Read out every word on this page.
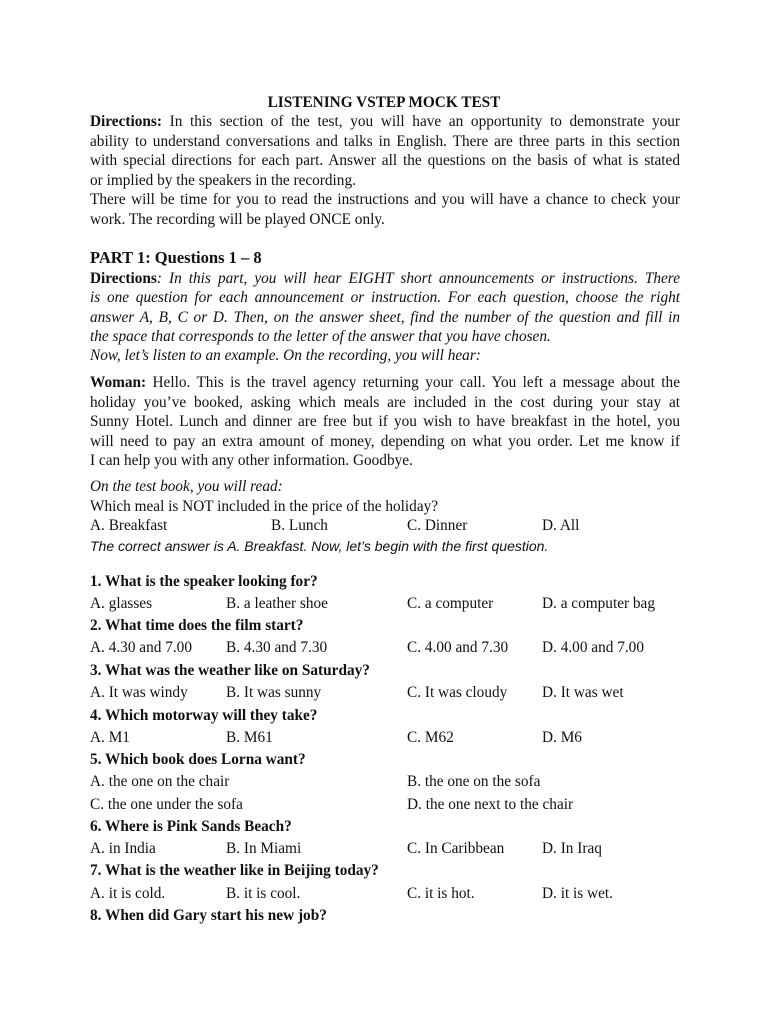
LISTENING VSTEP MOCK TEST
Directions: In this section of the test, you will have an opportunity to demonstrate your
ability to understand conversations and talks in English. There are three parts in this section
with special directions for each part. Answer all the questions on the basis of what is stated
or implied by the speakers in the recording.
There will be time for you to read the instructions and you will have a chance to check your
work. The recording will be played ONCE only.
PART 1: Questions 1 – 8
Directions: In this part, you will hear EIGHT short announcements or instructions. There
is one question for each announcement or instruction. For each question, choose the right
answer A, B, C or D. Then, on the answer sheet, find the number of the question and fill in
the space that corresponds to the letter of the answer that you have chosen.
Now, let’s listen to an example. On the recording, you will hear:
Woman: Hello. This is the travel agency returning your call. You left a message about the
holiday you’ve booked, asking which meals are included in the cost during your stay at
Sunny Hotel. Lunch and dinner are free but if you wish to have breakfast in the hotel, you
will need to pay an extra amount of money, depending on what you order. Let me know if
I can help you with any other information. Goodbye.
On the test book, you will read:
Which meal is NOT included in the price of the holiday?
A. Breakfast	B. Lunch	C. Dinner	D. All
The correct answer is A. Breakfast. Now, let’s begin with the first question.
1. What is the speaker looking for?
A. glasses	B. a leather shoe	C. a computer	D. a computer bag
2. What time does the film start?
A. 4.30 and 7.00 B. 4.30 and 7.30	C. 4.00 and 7.30 D. 4.00 and 7.00
3. What was the weather like on Saturday?
A. It was windy	B. It was sunny	C. It was cloudy D. It was wet
4. Which motorway will they take?
A. M1	B. M61	C. M62	D. M6
5. Which book does Lorna want?
A. the one on the chair	B. the one on the sofa
C. the one under the sofa	D. the one next to the chair
6. Where is Pink Sands Beach?
A. in India	B. In Miami	C. In Caribbean D. In Iraq
7. What is the weather like in Beijing today?
A. it is cold.	B. it is cool.	C. it is hot.	D. it is wet.
8. When did Gary start his new job?
